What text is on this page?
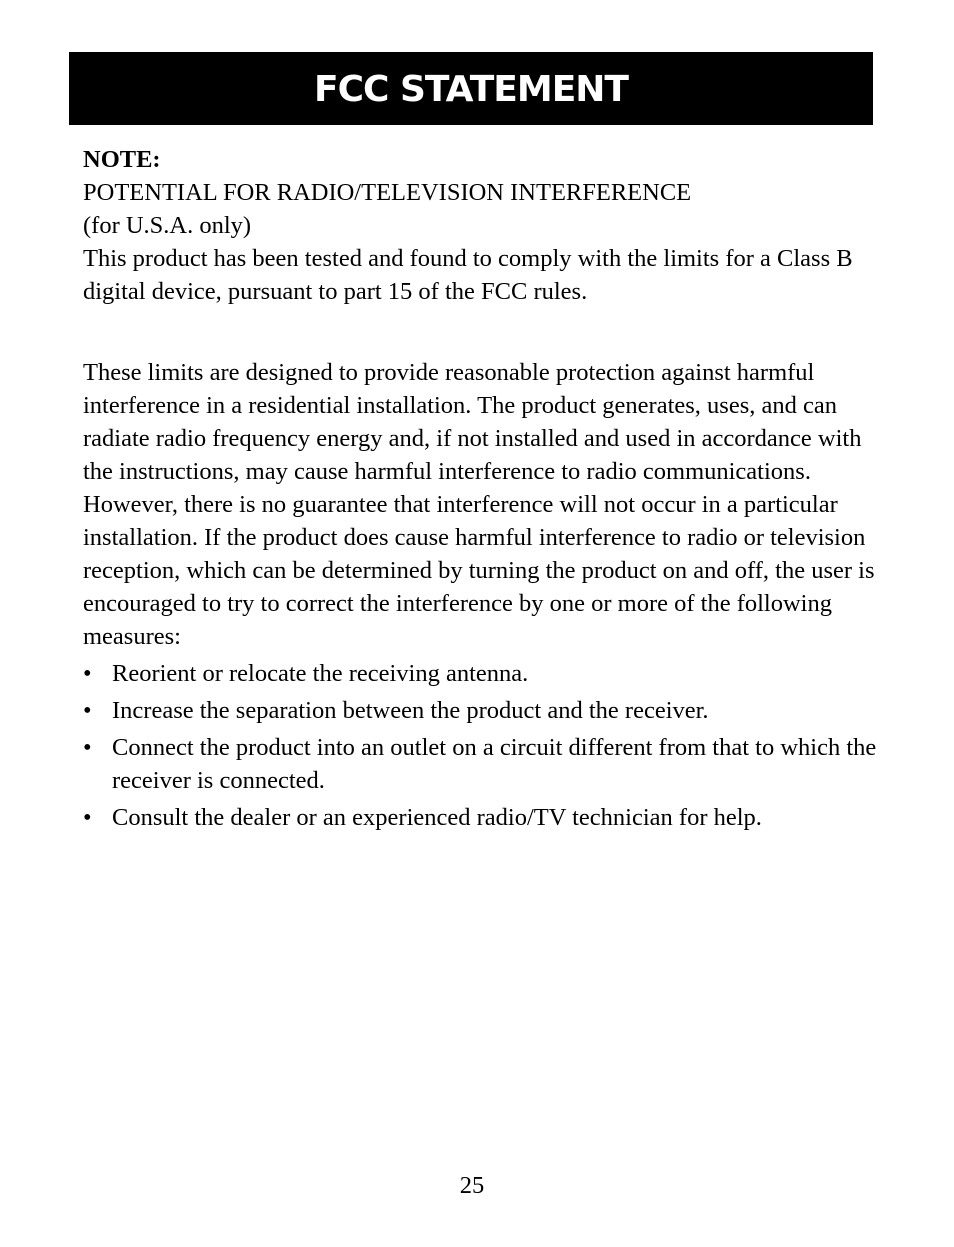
FCC STATEMENT

NOTE:

POTENTIAL FOR RADIO/TELEVISION INTERFERENCE

(for U.S.A. only)

This product has been tested and found to comply with the limits for a Class B digital device, pursuant to part 15 of the FCC rules.

These limits are designed to provide reasonable protection against harmful interference in a residential installation. The product generates, uses, and can radiate radio frequency energy and, if not installed and used in accordance with the instructions, may cause harmful interference to radio communications.

However, there is no guarantee that interference will not occur in a particular installation. If the product does cause harmful interference to radio or television reception, which can be determined by turning the product on and off, the user is encouraged to try to correct the interference by one or more of the following measures:

• Reorient or relocate the receiving antenna.
• Increase the separation between the product and the receiver.
• Connect the product into an outlet on a circuit different from that to which the receiver is connected.
• Consult the dealer or an experienced radio/TV technician for help.
25
